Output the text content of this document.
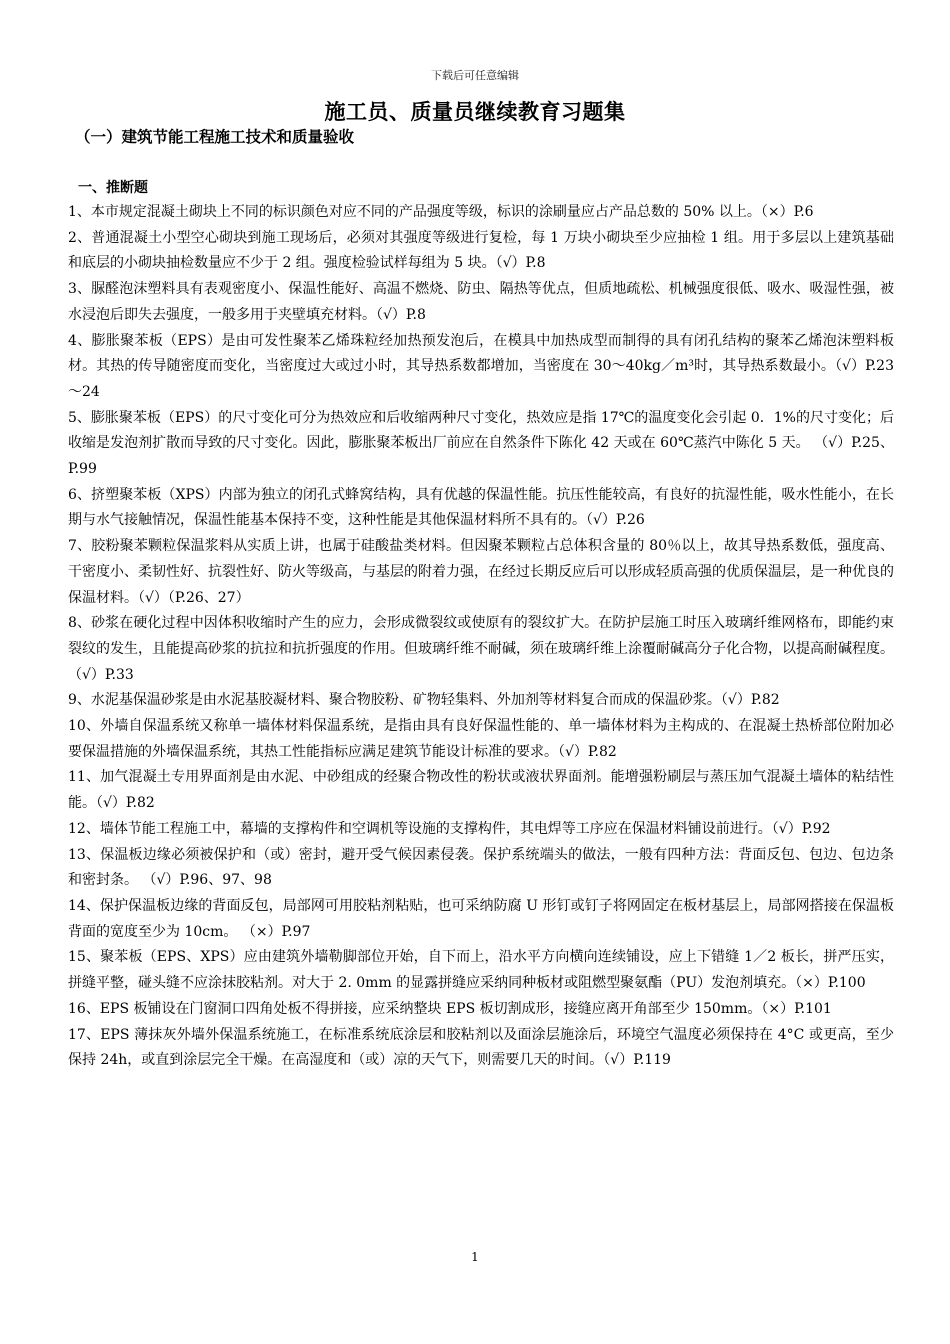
下载后可任意编辑
施工员、质量员继续教育习题集
（一）建筑节能工程施工技术和质量验收
一、推断题

1、本市规定混凝土砌块上不同的标识颜色对应不同的产品强度等级，标识的涂刷量应占产品总数的 50% 以上。（×）P.6

2、普通混凝土小型空心砌块到施工现场后，必须对其强度等级进行复检，每 1 万块小砌块至少应抽检 1 组。用于多层以上建筑基础和底层的小砌块抽检数量应不少于 2 组。强度检验试样每组为 5 块。（√）P.8

3、脲醛泡沫塑料具有表观密度小、保温性能好、高温不燃烧、防虫、隔热等优点，但质地疏松、机械强度很低、吸水、吸湿性强，被水浸泡后即失去强度，一般多用于夹壁填充材料。（√）P.8

4、膨胀聚苯板（EPS）是由可发性聚苯乙烯珠粒经加热预发泡后，在模具中加热成型而制得的具有闭孔结构的聚苯乙烯泡沫塑料板材。其热的传导随密度而变化，当密度过大或过小时，其导热系数都增加，当密度在 30～40kg／m³时，其导热系数最小。（√）P.23～24

5、膨胀聚苯板（EPS）的尺寸变化可分为热效应和后收缩两种尺寸变化，热效应是指 17℃的温度变化会引起 0．1%的尺寸变化；后收缩是发泡剂扩散而导致的尺寸变化。因此，膨胀聚苯板出厂前应在自然条件下陈化 42 天或在 60℃蒸汽中陈化 5 天。 （√）P.25、P.99

6、挤塑聚苯板（XPS）内部为独立的闭孔式蜂窝结构，具有优越的保温性能。抗压性能较高，有良好的抗湿性能，吸水性能小，在长期与水气接触情况，保温性能基本保持不变，这种性能是其他保温材料所不具有的。（√）P.26

7、胶粉聚苯颗粒保温浆料从实质上讲，也属于硅酸盐类材料。但因聚苯颗粒占总体积含量的 80％以上，故其导热系数低，强度高、干密度小、柔韧性好、抗裂性好、防火等级高，与基层的附着力强，在经过长期反应后可以形成轻质高强的优质保温层，是一种优良的保温材料。（√）（P.26、27）

8、砂浆在硬化过程中因体积收缩时产生的应力，会形成微裂纹或使原有的裂纹扩大。在防护层施工时压入玻璃纤维网格布，即能约束裂纹的发生，且能提高砂浆的抗拉和抗折强度的作用。但玻璃纤维不耐碱，须在玻璃纤维上涂覆耐碱高分子化合物，以提高耐碱程度。 （√）P.33

9、水泥基保温砂浆是由水泥基胶凝材料、聚合物胶粉、矿物轻集料、外加剂等材料复合而成的保温砂浆。（√）P.82

10、外墙自保温系统又称单一墙体材料保温系统，是指由具有良好保温性能的、单一墙体材料为主构成的、在混凝土热桥部位附加必要保温措施的外墙保温系统，其热工性能指标应满足建筑节能设计标准的要求。（√）P.82

11、加气混凝土专用界面剂是由水泥、中砂组成的经聚合物改性的粉状或液状界面剂。能增强粉刷层与蒸压加气混凝土墙体的粘结性能。（√）P.82

12、墙体节能工程施工中，幕墙的支撑构件和空调机等设施的支撑构件，其电焊等工序应在保温材料铺设前进行。（√）P.92

13、保温板边缘必须被保护和（或）密封，避开受气候因素侵袭。保护系统端头的做法，一般有四种方法：背面反包、包边、包边条和密封条。 （√）P.96、97、98

14、保护保温板边缘的背面反包，局部网可用胶粘剂粘贴，也可采纳防腐 U 形钉或钉子将网固定在板材基层上，局部网搭接在保温板背面的宽度至少为 10cm。 （×）P.97

15、聚苯板（EPS、XPS）应由建筑外墙勒脚部位开始，自下而上，沿水平方向横向连续铺设，应上下错缝 1／2 板长，拼严压实，拼缝平整，碰头缝不应涂抹胶粘剂。对大于 2. 0mm 的显露拼缝应采纳同种板材或阻燃型聚氨酯（PU）发泡剂填充。（×）P.100

16、EPS 板铺设在门窗洞口四角处板不得拼接，应采纳整块 EPS 板切割成形，接缝应离开角部至少 150mm。（×）P.101

17、EPS 薄抹灰外墙外保温系统施工，在标准系统底涂层和胶粘剂以及面涂层施涂后，环境空气温度必须保持在 4°C 或更高，至少保持 24h，或直到涂层完全干燥。在高湿度和（或）凉的天气下，则需要几天的时间。（√）P.119

1
